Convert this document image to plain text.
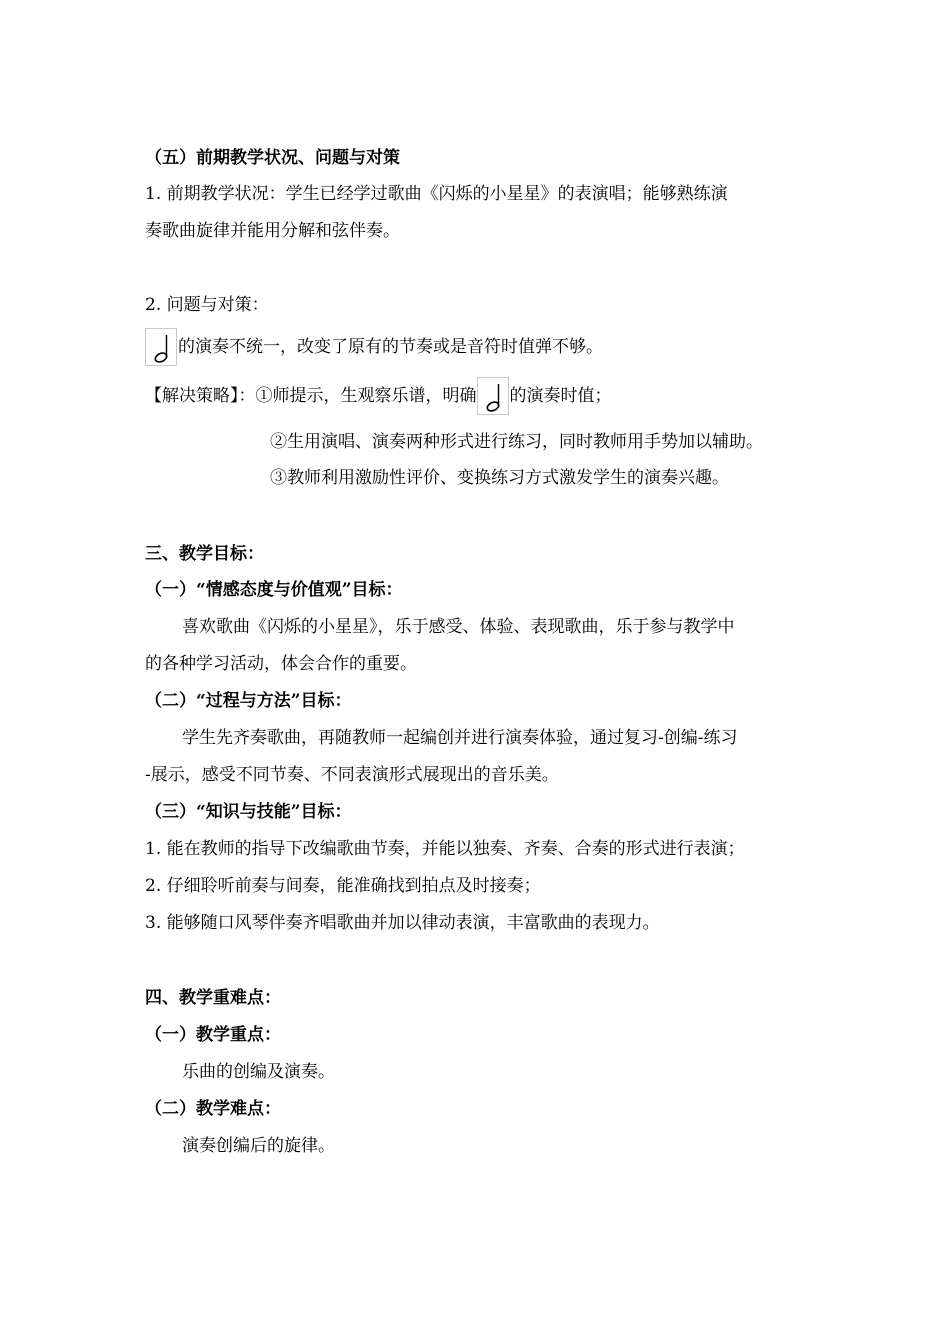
（五）前期教学状况、问题与对策
1. 前期教学状况：学生已经学过歌曲《闪烁的小星星》的表演唱；能够熟练演
奏歌曲旋律并能用分解和弦伴奏。
2. 问题与对策：
的演奏不统一，改变了原有的节奏或是音符时值弹不够。
【解决策略】：①师提示，生观察乐谱，明确 的演奏时值；
②生用演唱、演奏两种形式进行练习，同时教师用手势加以辅助。
③教师利用激励性评价、变换练习方式激发学生的演奏兴趣。
三、教学目标：
（一）“情感态度与价值观”目标：
喜欢歌曲《闪烁的小星星》，乐于感受、体验、表现歌曲，乐于参与教学中
的各种学习活动，体会合作的重要。
（二）“过程与方法”目标：
学生先齐奏歌曲，再随教师一起编创并进行演奏体验，通过复习-创编-练习
-展示，感受不同节奏、不同表演形式展现出的音乐美。
（三）“知识与技能”目标：
1. 能在教师的指导下改编歌曲节奏，并能以独奏、齐奏、合奏的形式进行表演；
2. 仔细聆听前奏与间奏，能准确找到拍点及时接奏；
3. 能够随口风琴伴奏齐唱歌曲并加以律动表演，丰富歌曲的表现力。
四、教学重难点：
（一）教学重点：
乐曲的创编及演奏。
（二）教学难点：
演奏创编后的旋律。
